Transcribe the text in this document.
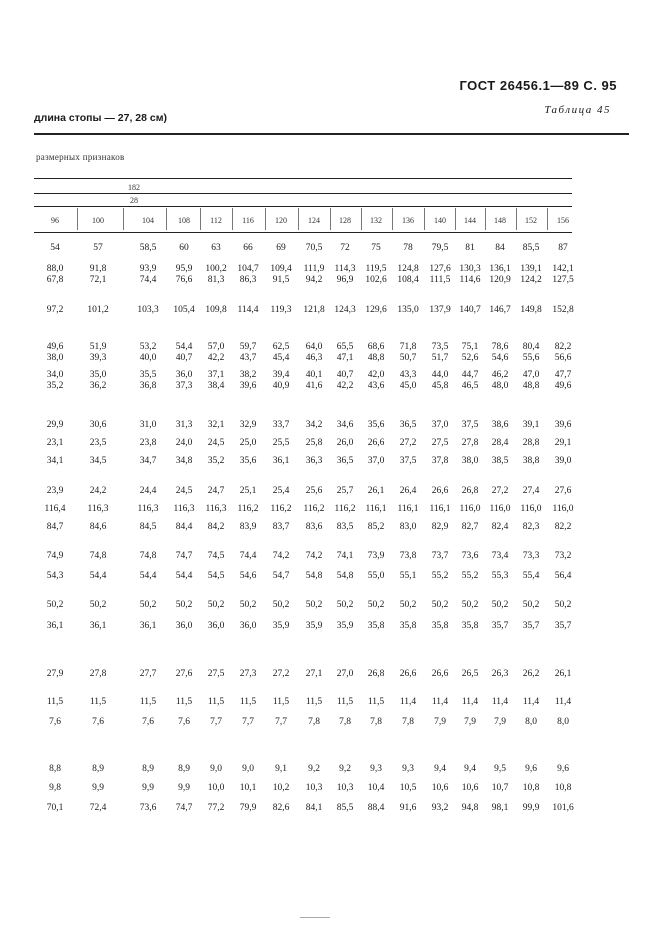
ГОСТ 26456.1—89 С. 95
Таблица 45
длина стопы — 27, 28 см)
размерных признаков
182
28
96	100	104	108	112	116	120	124	128	132	136	140	144	148	152	156
54	57	58,5	60	63	66	69	70,5	72	75	78	79,5	81	84	85,5	87
88,0	91,8	93,9	95,9	100,2	104,7	109,4	111,9	114,3	119,5	124,8	127,6 130,3 136,1	139,1	142,1
67,8	72,1	74,4	76,6	81,3	86,3	91,5	94,2	96,9	102,6	108,4	111,5 114,6 120,9	124,2	127,5
97,2	101,2	103,3	105,4	109,8	114,4	119,3	121,8	124,3	129,6	135,0	137,9 140,7 146,7	149,8	152,8
49,6	51,9	53,2	54,4	57,0	59,7	62,5	64,0	65,5	68,6	71,8	73,5	75,1	78,6	80,4	82,2
38,0	39,3	40,0	40,7	42,2	43,7	45,4	46,3	47,1	48,8	50,7	51,7	52,6	54,6	55,6	56,6
34,0	35,0	35,5	36,0	37,1	38,2	39,4	40,1	40,7	42,0	43,3	44,0	44,7	46,2	47,0	47,7
35,2	36,2	36,8	37,3	38,4	39,6	40,9	41,6	42,2	43,6	45,0	45,8	46,5	48,0	48,8	49,6
29,9	30,6	31,0	31,3	32,1	32,9	33,7	34,2	34,6	35,6	36,5	37,0	37,5	38,6	39,1	39,6
23,1	23,5	23,8	24,0	24,5	25,0	25,5	25,8	26,0	26,6	27,2	27,5	27,8	28,4	28,8	29,1
34,1	34,5	34,7	34,8	35,2	35,6	36,1	36,3	36,5	37,0	37,5	37,8	38,0	38,5	38,8	39,0
23,9	24,2	24,4	24,5	24,7	25,1	25,4	25,6	25,7	26,1	26,4	26,6	26,8	27,2	27,4	27,6
116,4	116,3	116,3	116,3	116,3	116,2	116,2	116,2	116,2	116,1	116,1	116,1 116,0 116,0	116,0	116,0
84,7	84,6	84,5	84,4	84,2	83,9	83,7	83,6	83,5	85,2	83,0	82,9	82,7	82,4	82,3	82,2
74,9	74,8	74,8	74,7	74,5	74,4	74,2	74,2	74,1	73,9	73,8	73,7	73,6	73,4	73,3	73,2
54,3	54,4	54,4	54,4	54,5	54,6	54,7	54,8	54,8	55,0	55,1	55,2	55,2	55,3	55,4	56,4
50,2	50,2	50,2	50,2	50,2	50,2	50,2	50,2	50,2	50,2	50,2	50,2	50,2	50,2	50,2	50,2
36,1	36,1	36,1	36,0	36,0	36,0	35,9	35,9	35,9	35,8	35,8	35,8	35,8	35,7	35,7	35,7
27,9	27,8	27,7	27,6	27,5	27,3	27,2	27,1	27,0	26,8	26,6	26,6	26,5	26,3	26,2	26,1
11,5	11,5	11,5	11,5	11,5	11,5	11,5	11,5	11,5	11,5	11,4	11,4	11,4	11,4	11,4	11,4
7,6	7,6	7,6	7,6	7,7	7,7	7,7	7,8	7,8	7,8	7,8	7,9	7,9	7,9	8,0	8,0
8,8	8,9	8,9	8,9	9,0	9,0	9,1	9,2	9,2	9,3	9,3	9,4	9,4	9,5	9,6	9,6
9,8	9,9	9,9	9,9	10,0	10,1	10,2	10,3	10,3	10,4	10,5	10,6	10,6	10,7	10,8	10,8
70,1	72,4	73,6	74,7	77,2	79,9	82,6	84,1	85,5	88,4	91,6	93,2	94,8	98,1	99,9	101,6
